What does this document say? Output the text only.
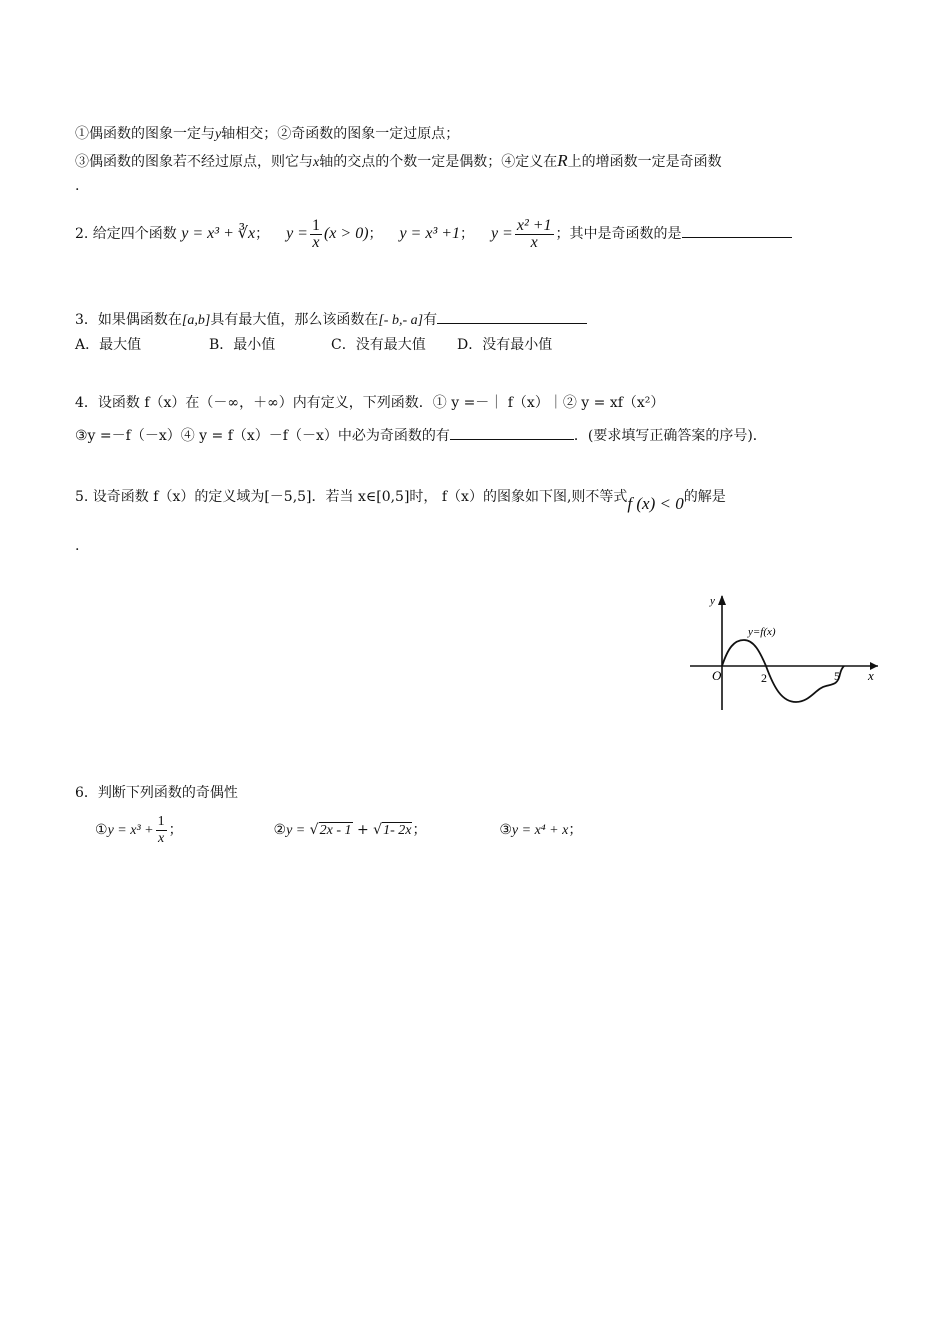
①偶函数的图象一定与y轴相交；②奇函数的图象一定过原点；
③偶函数的图象若不经过原点，则它与x轴的交点的个数一定是偶数；④定义在R上的增函数一定是奇函数
.
2. 给定四个函数 y = x³ + ∛x； $y = \frac{1}{x} (x > 0)$； y = x³ +1； $y = \frac{\text{x² +1}}{x}$ ；其中是奇函数的是
3．如果偶函数在[a,b]具有最大值，那么该函数在[- b,- a]有
A．最大值	B．最小值	C．没有最大值 D．没有最小值
4．设函数 f（x）在（－∞，＋∞）内有定义，下列函数．① y =－｜ f（x）｜② y = xf（x²）
③y =－f（－x）④ y = f（x）－f（－x）中必为奇函数的有	．(要求填写正确答案的序号)．
5. 设奇函数 f（x）的定义域为[－5,5]．若当 x∈[0,5]时， f（x）的图象如下图,则不等式f (x) < 0的解是
.
y
x
O	2	5
y=f(x)
6．判断下列函数的奇偶性
①y = $x^3 + \frac{1}{x}$ ；	②y = √2x - 1 + √1- 2x；	③y = x⁴ + x；
